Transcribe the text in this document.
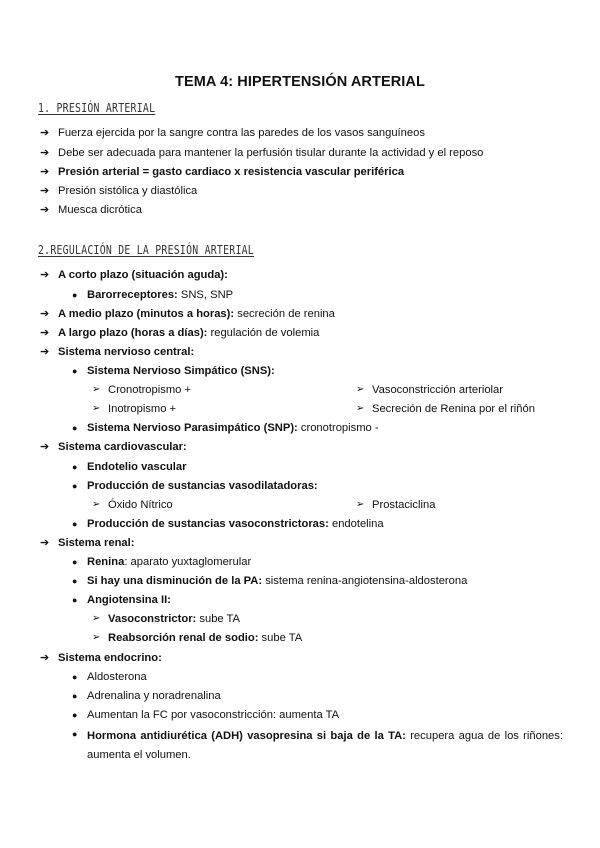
TEMA 4: HIPERTENSIÓN ARTERIAL
1. PRESIÓN ARTERIAL
➔ Fuerza ejercida por la sangre contra las paredes de los vasos sanguíneos
➔ Debe ser adecuada para mantener la perfusión tisular durante la actividad y el reposo
➔ Presión arterial = gasto cardiaco x resistencia vascular periférica
➔ Presión sistólica y diastólica
➔ Muesca dicrótica
2.REGULACIÓN DE LA PRESIÓN ARTERIAL
➔ A corto plazo (situación aguda):
● Barorreceptores: SNS, SNP
➔ A medio plazo (minutos a horas): secreción de renina
➔ A largo plazo (horas a días): regulación de volemia
➔ Sistema nervioso central:
● Sistema Nervioso Simpático (SNS):
➢ Cronotropismo +	➢ Vasoconstricción arteriolar
➢ Inotropismo +	➢ Secreción de Renina por el riñón
● Sistema Nervioso Parasimpático (SNP): cronotropismo -
➔ Sistema cardiovascular:
● Endotelio vascular
● Producción de sustancias vasodilatadoras:
➢ Óxido Nítrico	➢ Prostaciclina
● Producción de sustancias vasoconstrictoras: endotelina
➔ Sistema renal:
● Renina: aparato yuxtaglomerular
● Si hay una disminución de la PA: sistema renina-angiotensina-aldosterona
● Angiotensina II:
➢ Vasoconstrictor: sube TA
➢ Reabsorción renal de sodio: sube TA
➔ Sistema endocrino:
● Aldosterona
● Adrenalina y noradrenalina
● Aumentan la FC por vasoconstricción: aumenta TA
● Hormona antidiurética (ADH) vasopresina si baja de la TA: recupera agua de los riñones: aumenta el volumen.
